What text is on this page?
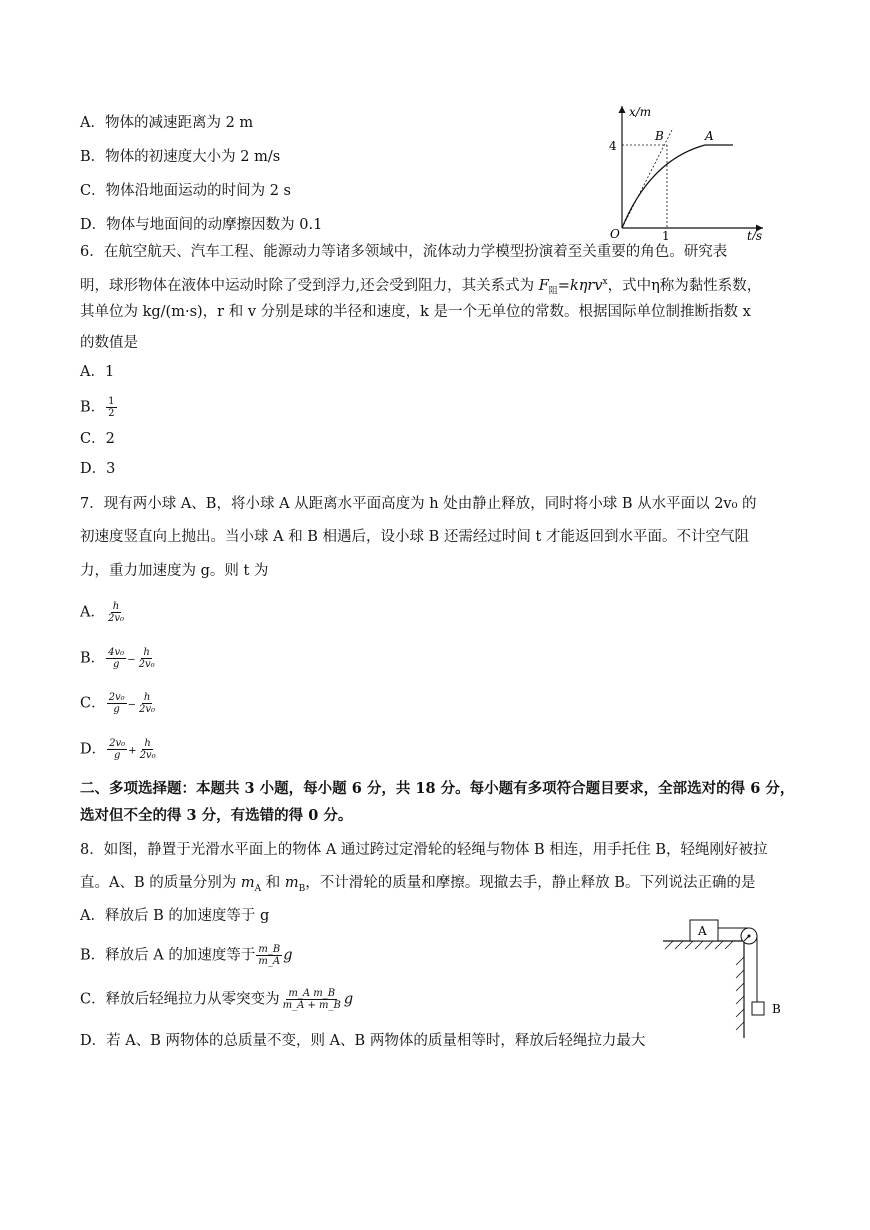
A．物体的减速距离为 2 m
B．物体的初速度大小为 2 m/s
C．物体沿地面运动的时间为 2 s
D．物体与地面间的动摩擦因数为 0.1
x/m
t/s
O
4
1
B	A
6．在航空航天、汽车工程、能源动力等诸多领域中，流体动力学模型扮演着至关重要的角色。研究表
明，球形物体在液体中运动时除了受到浮力,还会受到阻力，其关系式为 $F_阻=k\eta rv^x$，式中η称为黏性系数，
其单位为 kg/(m·s)，r 和 v 分别是球的半径和速度，k 是一个无单位的常数。根据国际单位制推断指数 x
的数值是
A．1
B． $\frac{1}{2}$
C．2
D．3
7．现有两小球 A、B，将小球 A 从距离水平面高度为 h 处由静止释放，同时将小球 B 从水平面以 2v₀ 的
初速度竖直向上抛出。当小球 A 和 B 相遇后，设小球 B 还需经过时间 t 才能返回到水平面。不计空气阻
力，重力加速度为 g。则 t 为
A． $\frac{h}{\text{2v₀}}$
B． $\frac{\text{4v₀}}{g} - \frac{h}{\text{2v₀}}$
C． $\frac{\text{2v₀}}{g} - \frac{h}{\text{2v₀}}$
D． $\frac{\text{2v₀}}{g} + \frac{h}{\text{2v₀}}$
二、多项选择题：本题共 3 小题，每小题 6 分，共 18 分。每小题有多项符合题目要求，全部选对的得 6 分，
选对但不全的得 3 分，有选错的得 0 分。
8．如图，静置于光滑水平面上的物体 A 通过跨过定滑轮的轻绳与物体 B 相连，用手托住 B，轻绳刚好被拉
直。A、B 的质量分别为 $m_A$ 和 $m_B$，不计滑轮的质量和摩擦。现撤去手，静止释放 B。下列说法正确的是
A．释放后 B 的加速度等于 g
B．释放后 A 的加速度等于 $\frac{m\_B}{m\_A}$ g
C．释放后轻绳拉力从零突变为 $\frac{\text{m\_A m\_B}}{m\_A + m\_B}$ g
D．若 A、B 两物体的总质量不变，则 A、B 两物体的质量相等时，释放后轻绳拉力最大
A
B
